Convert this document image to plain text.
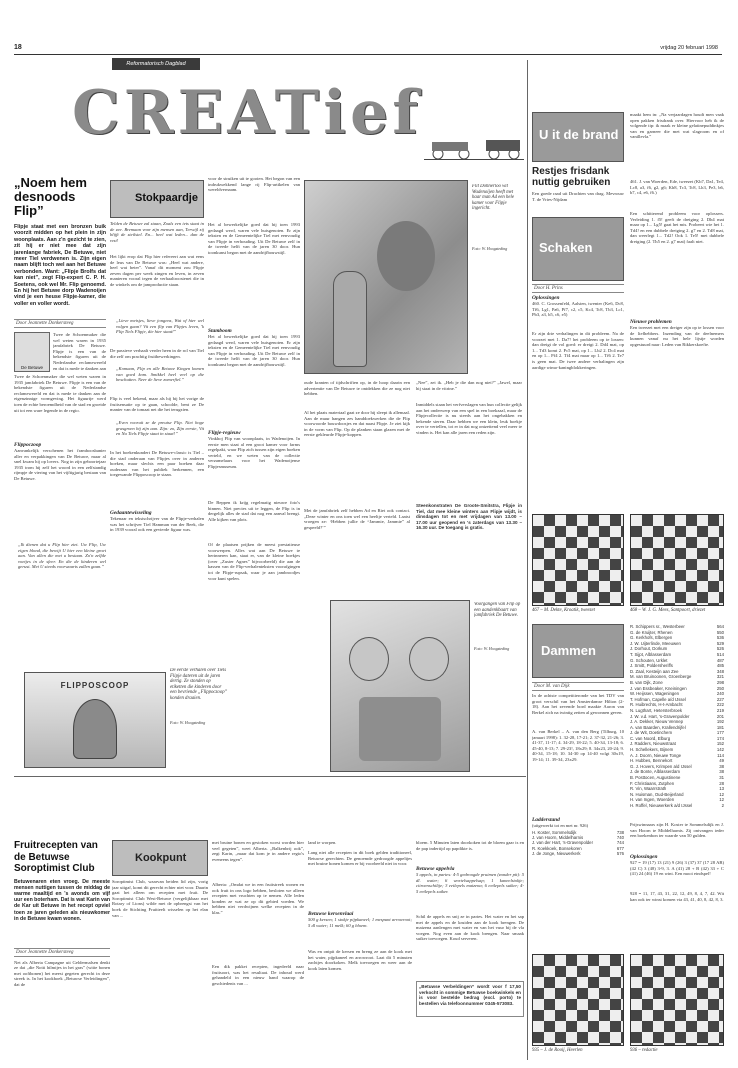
18	vrijdag 20 februari 1998
Reformatorisch Dagblad
CREATief
„Noem hem desnoods Flip”
Flipje staat met een bronzen buik voorzit midden op het plein in zijn woonplaats. Aan z'n gezicht te zien, zit hij er niet mee dat zijn jarenlange fabriek, De Betuwe, niet meer Tiel verdwenen is. Zijn eigen naam blijft toch wel aan het Betuwe verbonden. Want: „Flipje Brolfs dat kan niet”, zegt Flip-expert C. P. H. Soetens, ook wel Mr. Flip genoemd. En hij het Betuwe dorp Wadenoijen vind je een heuse Flipje-kamer, die voller en voller wordt.
Door Jeannette Donkersteeg
De Betuwe
Twee de Schoenmaker die wel weten waren in 1935 jamfabriek De Betuwe. Flipje is een van de bekendste figuren uit de Nederlandse reclamewereld en dat is mede te danken aan
Twee de Schoenmaker die wel weten waren in 1935 jamfabriek De Betuwe. Flipje is een van de bekendste figuren uit de Nederlandse reclamewereld en dat is mede te danken aan de eigenzinnige vormgeving. Het figuurtje werd toen de echte beroemdheid van de stad en groeide uit tot een ware legende in de regio.
Flippoczoop
Aanvankelijk verschenen het framboosbanier aller en verpakkingen van De Betuwe, maar al snel kwam hij op lovers. Nog in zijn geboortejaar 1935 trom hij zelf het woord in een zelfstandig rijmpje de viering van het vijftigjarig bestaan van De Betuwe.
„Ik dienen dat u Flip hier ziet. Uw Flip, Uw eigen blond, die bewijt U hier een kleine groet aan. Van allen die met u bestaan. Zo'n zelfde voetjes in de sfeer. En die de kinderen wel gerust. Met U steeds voorwaarts zullen gaan.”
FLIPPOSCOOP
Stokpaardje
Telden de Betuwe zal staan, Zoals een iets staat in de zee. Bremaan voor zijn mensen aan, Terwijl zij blijft de steilstel. En... heel wat leden... dan de rest!
Het lijkt erop dat Flip hier refereert aan wat eens de leus van De Betuwe was: „Heel wat andere, heel wat beter”. Vanaf dit moment zou Flipje zeven dagen per week zingen en leven, in zeven manieren vooral tegen de verhaaltroostenet die in de winkels om de jamproductie staan.
„Lieve meisjes, lieve jongens, Wat of hier wel volgen gaan? Vit een flip van Flipjes leven, 'k Flip Tiels Flipje, die hier staat!”
De passieve verhaalt verder heen in de rol van Tiel die zelf om prachtig fruitbewerkingen.
„Komaan, Flip en alle Betuwe Kingen komen van goed kom. Smikkel heel veel op die beschutten. Neer de lieve zomerfiel.”
Flip is veel bekend, maar als hij bij het vorige de fruitsensatie op te gaan, schoolde, bent ze De manier van de tomaat net die het terugzien.
„Even vooruit ze de preutse Flip. Niet hoge grasgroen bij zijn aan. Zijn: zo, Zijn eerste, Vit en Nu Tiels Flipje staat in staat!”
In het boekenkundert De Betuwe-classic is Tiel – die stad onderaan van Flipjes over in anderen boeken, maar slechts een paar boeken daar ouderaan van het publiek herkennen, een toegewande Flipposcoop te staan.
Gedaantewisseling
Tekenaar en tekstschrijver van de Flipje-verhalen was het schrijver Tiel Hamman van der Beek, die in 1939 vooral ook een gevierde figuur was.
De eerste verhalen over Tiels Flipje dateren uit de jaren dertig. Ze stonden op etiketten die kinderen door een bevriende „Flippoczoop” konden draaien.
Foto: W. Hoogsteding
voor de struiken uit te gooien. Het begon van een indrukwekkend lange rij Flip-artikelen van wereldvernaam.
Het al bewerkelijke goed dat hij toen 1993 gedaagd werd, waren vele huisgenoten. Er zijn teksten en de Gemeentelijke Tiel met eenvoudig van Flipje in verhouding. Uit De Betuwe zelf in de tweede helft van de jaren 30 door. Hun toonkunst begon met de aandrijfbouwstijl.
Stamboom
Het al bewerkelijke goed dat hij toen 1993 gedaagd werd, waren vele huisgenoten. Er zijn teksten en de Gemeentelijke Tiel met eenvoudig van Flipje in verhouding. Uit De Betuwe zelf in de tweede helft van de jaren 30 door. Hun toonkunst begon met de aandrijfbouwstijl.
Flipje-regieuw
Vinkhoj Flip van woonplaats, in Wadenoijen. In eerste men staat al een groot kamer voor farms regelpakt, waar Flip zich tussen zijn eigen boeken verteld, en we weten van de collectie verzamelaars voor het Wadenoijense Flipjesmuseum.
De Beppen ik krijg regelmatig nieuwe foto's binnen. Niet precies uit te leggen, de Flip is in dergelijk alles de stad dat nog een aanval brengt. Alle kijken van plots.
Of de plaatsen prijken de meest prestatieuse voorwerpen. Alles wat aan De Betuwe te herinneren kan, staat er, van de kleine boekjes (over „Zuster Agnes” bijvoorbeeld) die aan de kassen van de Flip-verhalenteksten voorafgingen tot de Flipje-rupsak, waar je aan jambroodjes voor kunt spelen.
Flit Dohnerloo wit Wadenoijen heeft met haar man Ad een hele kamer voor Flipje ingericht.
Foto: W. Hoogsteding
oude kranten of tijdschriften op, in de hoop daarin een advertentie van De Betuwe te ontdekken die ze nog niet hebben.
Al het plaats materiaal gaat ze door hij sleept ik allemaal. Aan de muur hangen zes handdoekwerken die de Flip voorwoorde bouwdoosjes en dat naast Flipje. Je ziet kijk in de vorm van Flip. Op de planken staan glazen met de eerste gekleurde Flipje-koppen.
Met de jamfabriek zelf hebben Ad en Riet ook contact. „Deze winter en ons toen wel een heeltje verteld. Laatst vroegen ze: ‘Hebben jullie de “Jammie, Jammie” al gespeeld?’”
„Nee”, zei ik. „Heb je die dan nog niet?” „Jawel, maar hij staat in de vitrine.”
Inmiddels staan het verfverslagen van hun collectie gelijk aan het onderwerp van een spel in een boekzaal, maar de Flipjecollectie is nu steeds aan het ongebakken en bekende sieren. Daar hebben we een klein, leuk boekje over te vertellen, tot er in dat nog ontzettend veel meer te vinden is. Het kan alle jaren een reden zijn.
Steenkonstraten De Groote-Smitstra, Flipje in Tiel, dat mee kleine winters aan Flipje wijdt, is dinsdagen tot en met vrijdagen van 13.00 – 17.00 uur geopend en 's zaterdags van 13.30 – 16.30 uur. De toegang is gratis.
Voorgangen van Flip op een aandenkbaart van jamfabriek De Betuwe.
Foto: W. Hoogsteding
Fruitrecepten van de Betuwse Soroptimist Club
Betuwenaren eten vroeg. De meeste mensen nuttigen tussen de middag de warme maaltijd en 's avonds om vijf uur een boterham. Dat is wat Karin van de Kar uit Betuwe in het recept opviel toen ze jaren geleden als nieuwkomer in de Betuwe kwam wonen.
Door Jeannette Donkersteeg
Net als Alberta Campagne uit Geldermalsen denkt ze dat „die Notti hilmijes in het gras” (witte bonen met ooftbonen) het meest gegeten gerecht in deze streek is. In het kookboek „Betuwse Verleidingen”, dat de
Kookpunt
Soroptimist Club, waarvan beiden lid zijn, vorig jaar uitgaf, komt dit gerecht echter niet voor. Daarin gaat het alleen om recepten met fruit. De Soroptimist Club West-Betuwe (vergelijkbaar met Rotary of Lions) wilde met de opbrengst van het boek de Stichting Fruitteelt wisselen op het elan van ...
met bruine bonen en gestoken worst worden hier veel gegeten”, weet Alberta. „Balkenbrij ook”, zegt Karin, „maar dat kom je in andere regio's eveneens tegen”.
Alberta: „Omdat we in een fruitstreek wonen en ook fruit in ons logo hebben, besloten we alleen recepten met vruchten op te nemen. Alle leden konden ze wat ze op dit gebied voeden. We hebben niet verdwijnen welke recepten in de klas.”
Een dik pakket recepten, ingedeeld naar fruitsoort, was het resultaat. De inhoud werd gehandeld in een nieuw hand waarop de geschiedenis van ...
land te worpen.
Lang niet alle recepten in dit boek gelden traditioneel, Betuwse gerechten. De genoemde gedroogde appeltjes met bruine bonen komen er bij voorbeeld niet in voor.
Betuwse kersenvlaai
500 g kersen; 1 stokje pijpkaneel; 1 mespunt arrowroot; 5 dl water; 11 melk; 60 g bloem.
Was en ontpit de kersen en breng ze aan de kook met het water, pijpkaneel en arrowroot. Laat dit 5 minuten zachtjes doorkoken. Melk toevoegen en weer aan de kook laten komen.
bloem. 5 Minuten laten doorkoken tot de bloem gaar is en de pap indertijd op papdikte is.
Betuwse appelvla
5 appels, in partes: 4-5 gedroogde pruimen (zonder pit): 5 dl. water; 6 wortelsappelsap; 1 kaneelstokje; citroenschiltje; 3 eetlepels maizena; 6 eetlepels suiker; 4-5 eetlepels suiker.
Schil de appels en snij ze in partes. Het water en het sap met de appels en de kruiden aan de kook brengen. De maizena aanlengen met water en van het vuur bij de vla voegen. Nog even aan de kook brengen. Naar smaak suiker toevoegen. Koud serveren.
„Betuwse Verbeldingen” wordt voor f 17,50 verkocht in sommige Betuwse boekwinkels en is voor bestelde bedrag (excl. porto) te bestellen via telefoonnummer 0345-573083.
U it de brand
Restjes frisdank nuttig gebruiken
Een goede raad uit Drachten van drag. Mevrouw T. de Vries-Nijdam
Schaken
Door H. Prins
Oplossingen
460. C. Grossenfeld, Aalsten, twenter (Ke6, Dc8, Tf6, Lg1, Pa6, Pf7, c2, c5, Kc4, Tc8, Tb3, Lc1, Pb3, a3, b5, c6, e5)
Er zijn drie verhalingen in dit probleem. Na de voorzet met 1. Da7! het probleem op te lossen: dan dreigt de vol goed: er dreigt 2. Dd4 mat, op 1... Td3 komt 2. Pc5 mat, op 1... Lb2 2. Dc4 mat en op 1... Pf4 2. Tf4 mat maar op 1... Tf6 2. Te7 is geen mat. De twee andere verhalingen zijn aardige wimo-kaningblokkeringen.
467 – M. Dekte, Kroatik, tweezet
Dammen
Door M. van Dijk
In de achtste competitieronde van het TDV van groot verschil van het Amsterdamse Hilton (2-18). Aan het zevende bord maakte Aaron van Berkel zich na twintig zetten al gewonnen geven.
A. van Berkel – A. van den Berg (Tilburg, 10 januari 1998): 1. 32-28, 17-21; 2. 37-32, 21-26; 3. 41-37, 11-17; 4. 34-29, 18-22; 5. 40-34, 13-18; 6. 45-40, 8-13; 7. 29-23!, 18x29; 8. 34x23, 20-24; 9. 40-34, 15-18; 10. 34-30 op 14-40 volgt 30x19, 19-14; 11. 39-34, 23x29.
Ladderstand
(uitgewerkt tot en met nr. 926)
H. Koster, Sommelsdijk	738
J. van Hoorn, Middelharnis	740
J. van der Hart, 's-Gravenpolder	744
R. Koekkoek, Bonsekoren	677
J. de Jonge, Nieuwerkerk	576
935 – J. de Rooij, Heerlen
maakt hem in: „Na verjaardagen houdt men vaak open pakken frisdrank over. Hiervoor heb ik de volgende tip: ik maak er kleine gelatinepuddinkjes van en garneer die met wat slagroom en of vanillevla.”
461. J. van Woerden, Ede, tweezet (Kb7, Da1, Te4, Lc8, a3, f6, g2, g6; Kh8, Tc3, Tc8, Lh3, Pe3, b6, b7, c4, e6, f6.)
Een schitterend probleem voor oplossers. Verleiding 1. f5! geeft de dreiging 2. Dh4 mat maar op 1... Lg5! gaat het mis. Probeert wie het 1. Td4! en een dubbele dreiging 2. g7 en 2. Td8 mat, dan weerlegt 1... Td2! Ook 1. Te5! met dubbele dreiging (2. Th5 en 2. g7 mat) faalt niet.
Nieuwe problemen
Een tweezet met een dreiger zijn op te lossen voor de liefhebbers. Inzending van de deelnemers kunnen vanaf nu het hele lijstje worden opgestuurd naar: Leden van Rikkerskoefte.
468 – W. J. G. Mees, Santpoort, driezet
R. Schippers sr., Westerbeer	564
G. de Kruijter, Rhenen	550
G. Kerkhofs, Elbergen	536
J. W. Uijterlinde, Meeuwen	529
J. Dorhout, Dorkum	526
T. Sijpt, Alblasserdam	514
G. Schouten, Urklet	487
J. Smitt, Poldersheriffs	485
D. Zaal, Kesteijn aan Zee	348
M. van Bruinoonen, Groenberge	321
B. van Dijk, Zone	298
J. van Essbeaker, Kneiningen	250
W. Heijssen, Wageningen	240
T. Hofman, Capelle a/d IJssel	227
R. Huibrechts, H-t-Ambacht	222
N. Lugthart, Hetersterbroek	219
J. W. v.d. Hart, 's-Gravenpolder	201
J. A. Dekker, Nieuw Vennep	192
A. van Baarden, Krallendrijfel	181
J. de Wit, Doetinchem	177
C. van Noord, Elburg	174
J. Radders, Nieuwstraat	152
H. Schellekers, Bijnem	142
A. J. Doorn, Nieuwe Tonge	114
H. Hubbes, Bennekort	49
G. J. Hovers, Krimpen a/d IJssel	38
J. de Bonte, Alblasserdam	38
B. Posttocen, Augustinene	31
F. Christiaans, Zutphen	28
R. Vin, Waarrstrath	13
N. Huisman, Oud-Beijerland	12
H. van Ingen, Woerden	12
H. Roffel, Nieuwerkerk a/d IJssel	2
Prijswinnaars zijn H. Koster te Sommelsdijk en J. van Hoorn te Middelharnis. Zij ontvangen ieder een boekenbon ter waarde van 50 gulden.
Oplossingen
927 = 19 (17) 13 (21) 9 (26) 3 (37) 37 (17 28 AB) (42 C) 3 (48) 3-9, 3. A (41) 28 + B (42) 33 + C (41) 24 (46) 19 en wint. Een mooi eindspel!
928 = 11, 17, 43, 31, 22, 12, 49, 8, 4, 7, 42. Wit kan ook ter winst komen via 43, 41, 40, 8, 42, 8, 3.
936 – redactie
